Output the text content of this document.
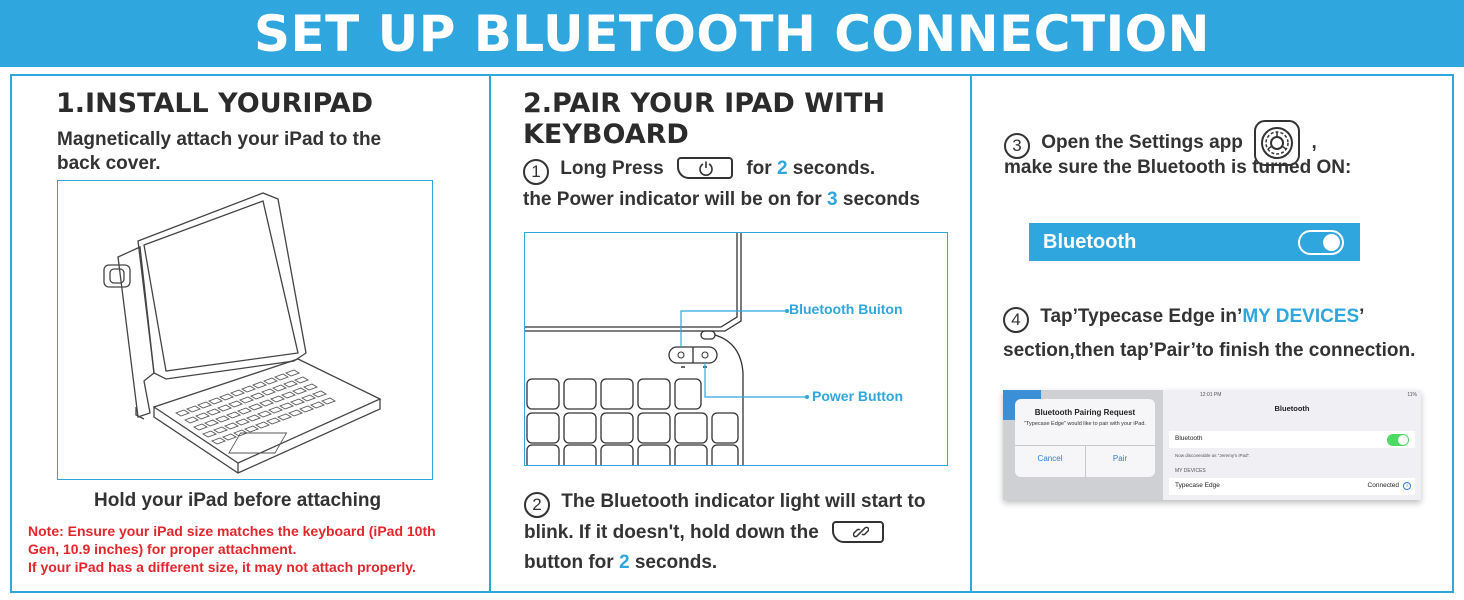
SET UP BLUETOOTH CONNECTION
1.INSTALL YOURIPAD
Magnetically attach your iPad to the
back cover.
Hold your iPad before attaching
Note: Ensure your iPad size matches the keyboard (iPad 10th
Gen, 10.9 inches) for proper attachment.
If your iPad has a different size, it may not attach properly.
2.PAIR YOUR IPAD WITH
KEYBOARD
1 Long Press	for 2 seconds.
the Power indicator will be on for 3 seconds
Bluetooth Buiton
Power Button
2 The Bluetooth indicator light will start to
blink. If it doesn't, hold down the
button for 2 seconds.
3 Open the Settings app	,
make sure the Bluetooth is turned ON:
Bluetooth
4 Tap’Typecase Edge in’MY DEVICES’
section,then tap’Pair’to finish the connection.
Bluetooth Pairing Request
"Typecase Edge" would like to pair with your iPad.
Cancel	Pair
12:01 PM	11%
Bluetooth
Bluetooth
Now discoverable as "Jeremy's iPad".
MY DEVICES
Typecase Edge	Connected	i
